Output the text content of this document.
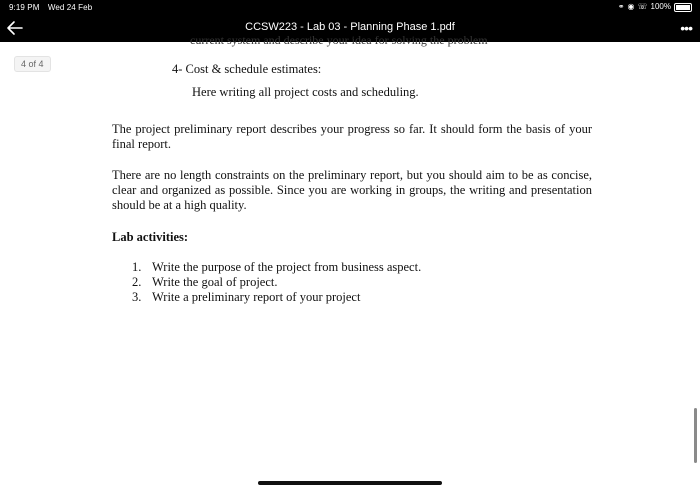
9:19 PM Wed 24 Feb	⚭ ◉ ☏ 100%
CCSW223 - Lab 03 - Planning Phase 1.pdf	•••
current system and describe your idea for solving the problem
4- Cost & schedule estimates:
Here writing all project costs and scheduling.
The project preliminary report describes your progress so far. It should form the basis of your final report.
There are no length constraints on the preliminary report, but you should aim to be as concise, clear and organized as possible. Since you are working in groups, the writing and presentation should be at a high quality.
Lab activities:
1. Write the purpose of the project from business aspect.
2. Write the goal of project.
3. Write a preliminary report of your project
4 of 4
